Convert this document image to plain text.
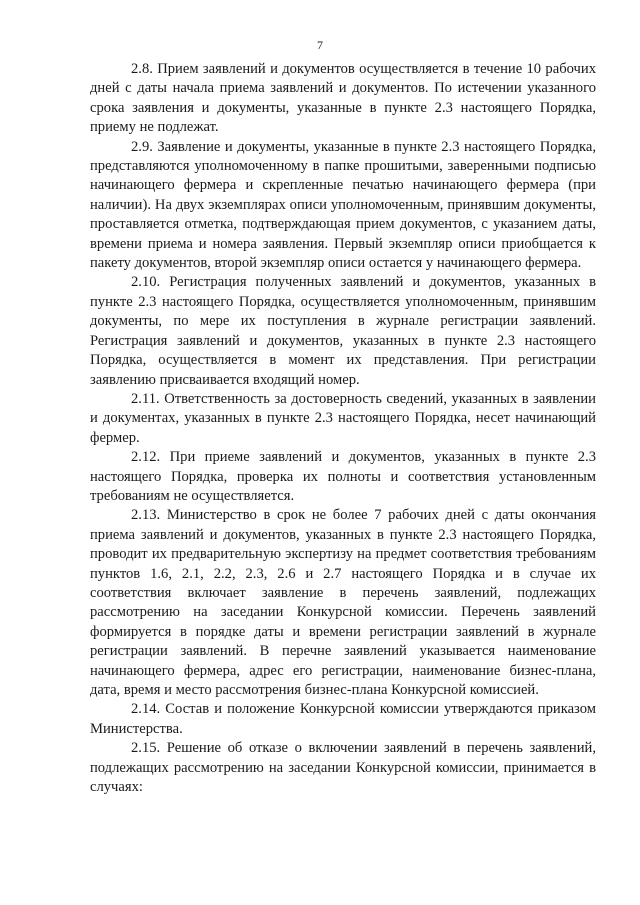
7

2.8. Прием заявлений и документов осуществляется в течение 10 рабочих дней с даты начала приема заявлений и документов. По истечении указанного срока заявления и документы, указанные в пункте 2.3 настоящего Порядка, приему не подлежат.

2.9. Заявление и документы, указанные в пункте 2.3 настоящего Порядка, представляются уполномоченному в папке прошитыми, заверенными подписью начинающего фермера и скрепленные печатью начинающего фермера (при наличии). На двух экземплярах описи уполномоченным, принявшим документы, проставляется отметка, подтверждающая прием документов, с указанием даты, времени приема и номера заявления. Первый экземпляр описи приобщается к пакету документов, второй экземпляр описи остается у начинающего фермера.

2.10. Регистрация полученных заявлений и документов, указанных в пункте 2.3 настоящего Порядка, осуществляется уполномоченным, принявшим документы, по мере их поступления в журнале регистрации заявлений. Регистрация заявлений и документов, указанных в пункте 2.3 настоящего Порядка, осуществляется в момент их представления. При регистрации заявлению присваивается входящий номер.

2.11. Ответственность за достоверность сведений, указанных в заявлении и документах, указанных в пункте 2.3 настоящего Порядка, несет начинающий фермер.

2.12. При приеме заявлений и документов, указанных в пункте 2.3 настоящего Порядка, проверка их полноты и соответствия установленным требованиям не осуществляется.

2.13. Министерство в срок не более 7 рабочих дней с даты окончания приема заявлений и документов, указанных в пункте 2.3 настоящего Порядка, проводит их предварительную экспертизу на предмет соответствия требованиям пунктов 1.6, 2.1, 2.2, 2.3, 2.6 и 2.7 настоящего Порядка и в случае их соответствия включает заявление в перечень заявлений, подлежащих рассмотрению на заседании Конкурсной комиссии. Перечень заявлений формируется в порядке даты и времени регистрации заявлений в журнале регистрации заявлений. В перечне заявлений указывается наименование начинающего фермера, адрес его регистрации, наименование бизнес-плана, дата, время и место рассмотрения бизнес-плана Конкурсной комиссией.

2.14. Состав и положение Конкурсной комиссии утверждаются приказом Министерства.

2.15. Решение об отказе о включении заявлений в перечень заявлений, подлежащих рассмотрению на заседании Конкурсной комиссии, принимается в случаях:
